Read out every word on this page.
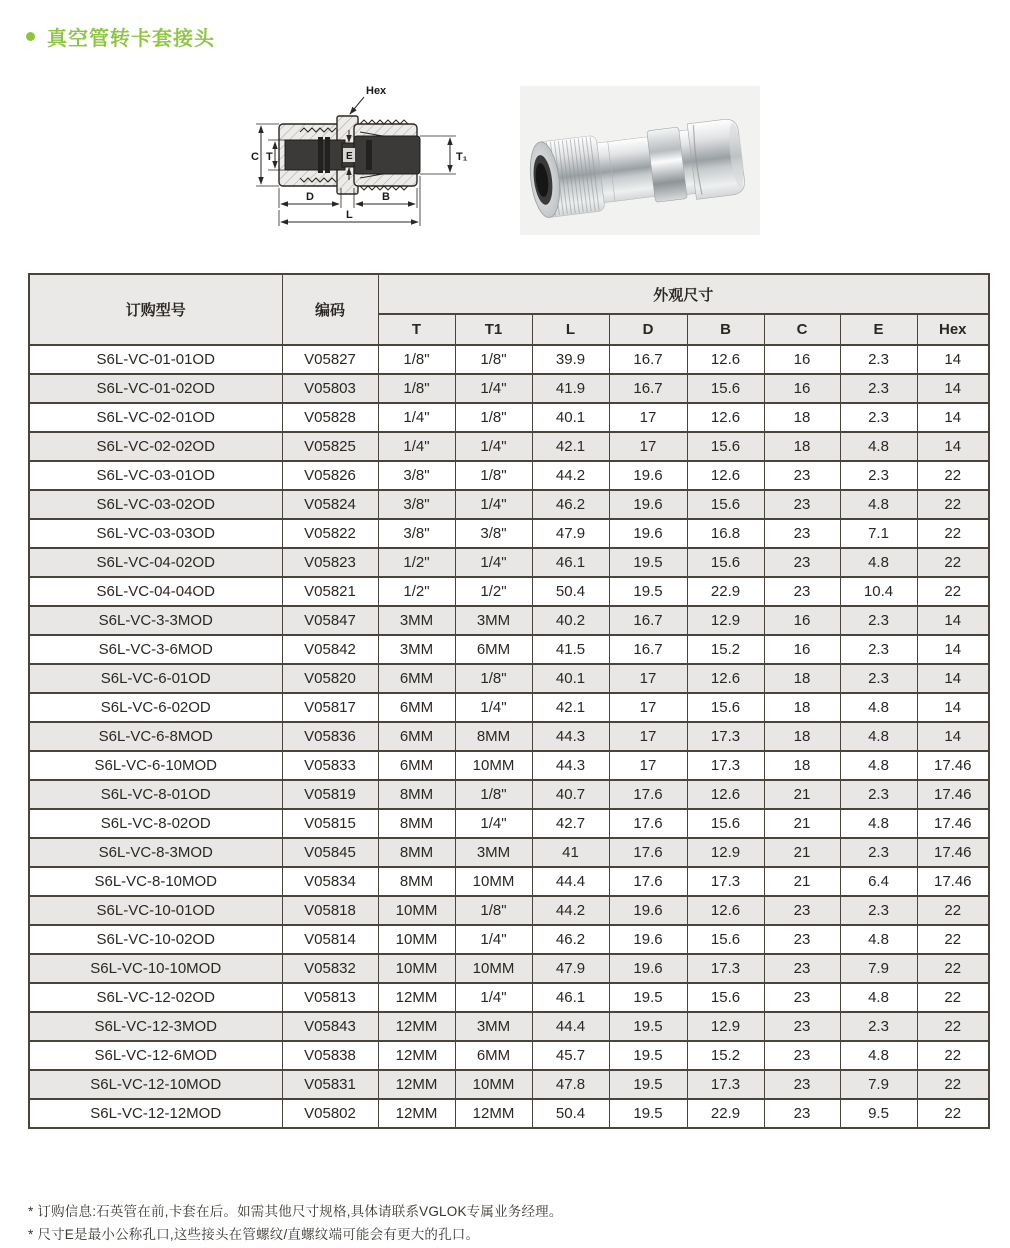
真空管转卡套接头
Hex
C T	E	T₁
D	B
L
订购型号	编码	外观尺寸							
		T	T1	L	D	B	C	E	Hex
S6L-VC-01-01OD	V05827	1/8"	1/8"	39.9	16.7	12.6	16	2.3	14
S6L-VC-01-02OD	V05803	1/8"	1/4"	41.9	16.7	15.6	16	2.3	14
S6L-VC-02-01OD	V05828	1/4"	1/8"	40.1	17	12.6	18	2.3	14
S6L-VC-02-02OD	V05825	1/4"	1/4"	42.1	17	15.6	18	4.8	14
S6L-VC-03-01OD	V05826	3/8"	1/8"	44.2	19.6	12.6	23	2.3	22
S6L-VC-03-02OD	V05824	3/8"	1/4"	46.2	19.6	15.6	23	4.8	22
S6L-VC-03-03OD	V05822	3/8"	3/8"	47.9	19.6	16.8	23	7.1	22
S6L-VC-04-02OD	V05823	1/2"	1/4"	46.1	19.5	15.6	23	4.8	22
S6L-VC-04-04OD	V05821	1/2"	1/2"	50.4	19.5	22.9	23	10.4	22
S6L-VC-3-3MOD	V05847	3MM	3MM	40.2	16.7	12.9	16	2.3	14
S6L-VC-3-6MOD	V05842	3MM	6MM	41.5	16.7	15.2	16	2.3	14
S6L-VC-6-01OD	V05820	6MM	1/8"	40.1	17	12.6	18	2.3	14
S6L-VC-6-02OD	V05817	6MM	1/4"	42.1	17	15.6	18	4.8	14
S6L-VC-6-8MOD	V05836	6MM	8MM	44.3	17	17.3	18	4.8	14
S6L-VC-6-10MOD	V05833	6MM	10MM	44.3	17	17.3	18	4.8	17.46
S6L-VC-8-01OD	V05819	8MM	1/8"	40.7	17.6	12.6	21	2.3	17.46
S6L-VC-8-02OD	V05815	8MM	1/4"	42.7	17.6	15.6	21	4.8	17.46
S6L-VC-8-3MOD	V05845	8MM	3MM	41	17.6	12.9	21	2.3	17.46
S6L-VC-8-10MOD	V05834	8MM	10MM	44.4	17.6	17.3	21	6.4	17.46
S6L-VC-10-01OD	V05818	10MM	1/8"	44.2	19.6	12.6	23	2.3	22
S6L-VC-10-02OD	V05814	10MM	1/4"	46.2	19.6	15.6	23	4.8	22
S6L-VC-10-10MOD	V05832	10MM	10MM	47.9	19.6	17.3	23	7.9	22
S6L-VC-12-02OD	V05813	12MM	1/4"	46.1	19.5	15.6	23	4.8	22
S6L-VC-12-3MOD	V05843	12MM	3MM	44.4	19.5	12.9	23	2.3	22
S6L-VC-12-6MOD	V05838	12MM	6MM	45.7	19.5	15.2	23	4.8	22
S6L-VC-12-10MOD	V05831	12MM	10MM	47.8	19.5	17.3	23	7.9	22
S6L-VC-12-12MOD	V05802	12MM	12MM	50.4	19.5	22.9	23	9.5	22
* 订购信息:石英管在前,卡套在后。如需其他尺寸规格,具体请联系VGLOK专属业务经理。
* 尺寸E是最小公称孔口,这些接头在管螺纹/直螺纹端可能会有更大的孔口。
